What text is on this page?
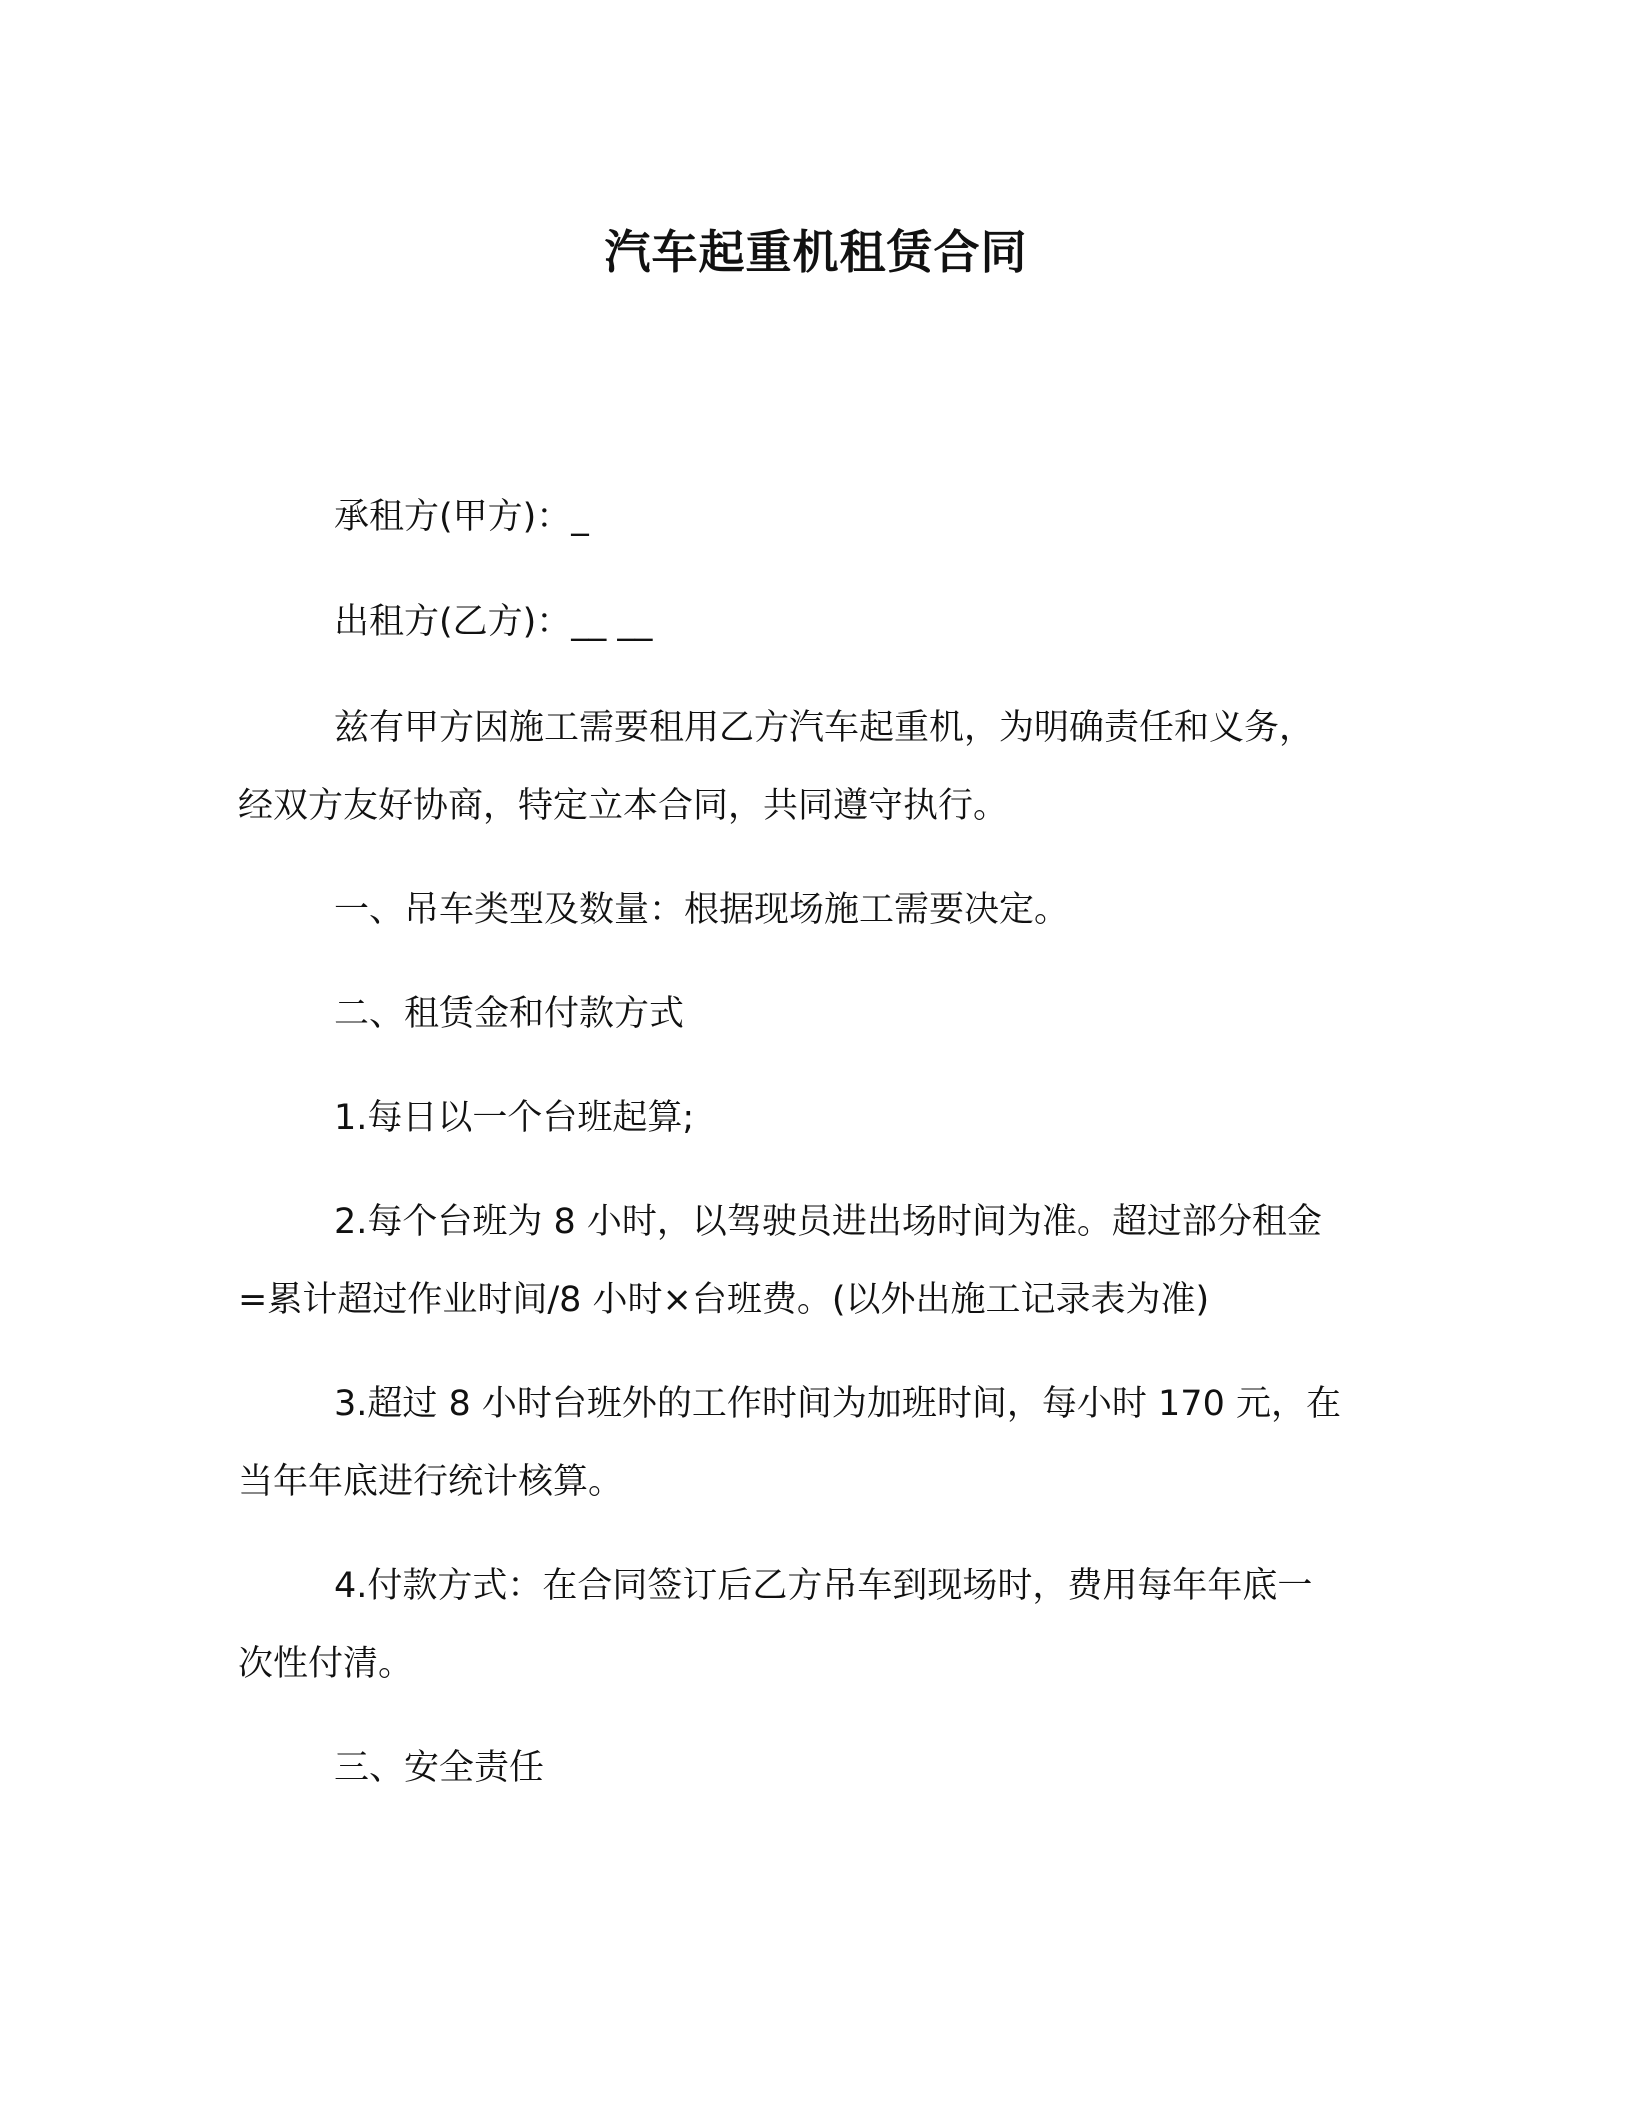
汽车起重机租赁合同
承租方(甲方)：_
出租方(乙方)：__ __
兹有甲方因施工需要租用乙方汽车起重机，为明确责任和义务，
经双方友好协商，特定立本合同，共同遵守执行。
一、吊车类型及数量：根据现场施工需要决定。
二、租赁金和付款方式
1.每日以一个台班起算;
2.每个台班为 8 小时，以驾驶员进出场时间为准。超过部分租金
=累计超过作业时间/8 小时×台班费。(以外出施工记录表为准)
3.超过 8 小时台班外的工作时间为加班时间，每小时 170 元，在
当年年底进行统计核算。
4.付款方式：在合同签订后乙方吊车到现场时，费用每年年底一
次性付清。
三、安全责任
